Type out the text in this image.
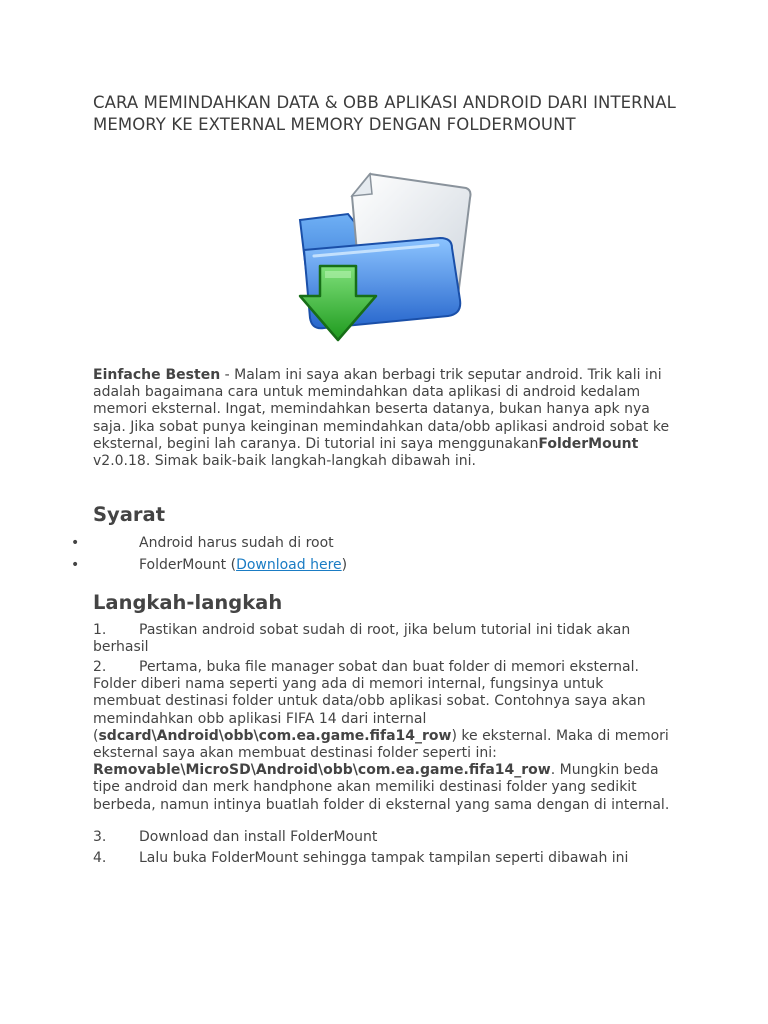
CARA MEMINDAHKAN DATA & OBB APLIKASI ANDROID DARI INTERNAL MEMORY KE EXTERNAL MEMORY DENGAN FOLDERMOUNT

Einfache Besten - Malam ini saya akan berbagi trik seputar android. Trik kali ini adalah bagaimana cara untuk memindahkan data aplikasi di android kedalam memori eksternal. Ingat, memindahkan beserta datanya, bukan hanya apk nya saja. Jika sobat punya keinginan memindahkan data/obb aplikasi android sobat ke eksternal, begini lah caranya. Di tutorial ini saya menggunakanFolderMount v2.0.18. Simak baik-baik langkah-langkah dibawah ini.

Syarat
•	Android harus sudah di root
•	FolderMount (Download here)
Langkah-langkah

1. Pastikan android sobat sudah di root, jika belum tutorial ini tidak akan berhasil

2. Pertama, buka file manager sobat dan buat folder di memori eksternal. Folder diberi nama seperti yang ada di memori internal, fungsinya untuk membuat destinasi folder untuk data/obb aplikasi sobat. Contohnya saya akan memindahkan obb aplikasi FIFA 14 dari internal (sdcard\Android\obb\com.ea.game.fifa14_row) ke eksternal. Maka di memori eksternal saya akan membuat destinasi folder seperti ini: Removable\MicroSD\Android\obb\com.ea.game.fifa14_row. Mungkin beda tipe android dan merk handphone akan memiliki destinasi folder yang sedikit berbeda, namun intinya buatlah folder di eksternal yang sama dengan di internal.

3. Download dan install FolderMount

4. Lalu buka FolderMount sehingga tampak tampilan seperti dibawah ini
